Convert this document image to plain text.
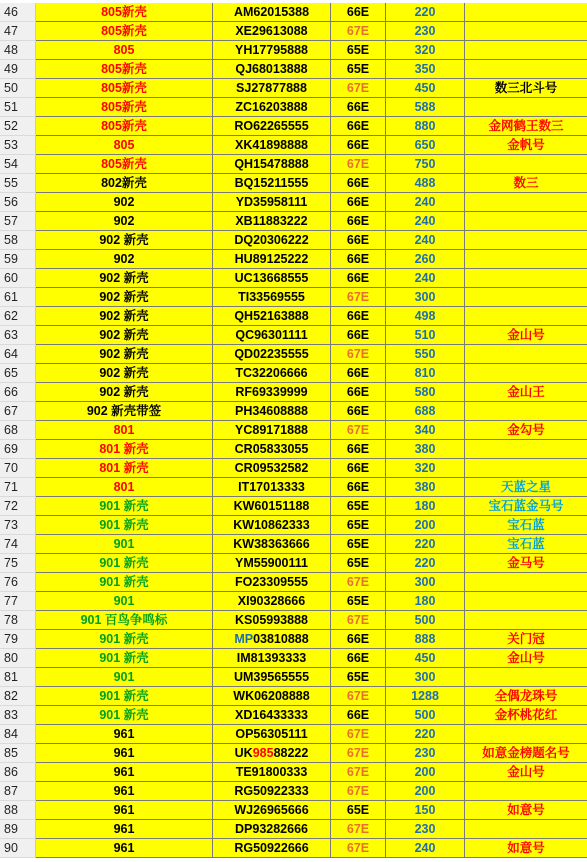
46	805新壳	AM62015388	66E	220
47	805新壳	XE29613088	67E	230
48	805	YH17795888	65E	320
49	805新壳	QJ68013888	65E	350
50	805新壳	SJ27877888	67E	450	数三北斗号
51	805新壳	ZC16203888	66E	588
52	805新壳	RO62265555	66E	880	金网鹤王数三
53	805	XK41898888	66E	650	金帆号
54	805新壳	QH15478888	67E	750
55	802新壳	BQ15211555	66E	488	数三
56	902	YD35958111	66E	240
57	902	XB11883222	66E	240
58	902 新壳	DQ20306222	66E	240
59	902	HU89125222	66E	260
60	902 新壳	UC13668555	66E	240
61	902 新壳	TI33569555	67E	300
62	902 新壳	QH52163888	66E	498
63	902 新壳	QC96301111	66E	510	金山号
64	902 新壳	QD02235555	67E	550
65	902 新壳	TC32206666	66E	810
66	902 新壳	RF69339999	66E	580	金山王
67	902 新壳带签	PH34608888	66E	688
68	801	YC89171888	67E	340	金勾号
69	801 新壳	CR05833055	66E	380
70	801 新壳	CR09532582	66E	320
71	801	IT17013333	66E	380	天蓝之星
72	901 新壳	KW60151188	65E	180	宝石蓝金马号
73	901 新壳	KW10862333	65E	200	宝石蓝
74	901	KW38363666	65E	220	宝石蓝
75	901 新壳	YM55900111	65E	220	金马号
76	901 新壳	FO23309555	67E	300
77	901	XI90328666	65E	180
78	901 百鸟争鸣标	KS05993888	67E	500
79	901 新壳	MP03810888	66E	888	关门冠
80	901 新壳	IM81393333	66E	450	金山号
81	901	UM39565555	65E	300
82	901 新壳	WK06208888	67E	1288	全偶龙珠号
83	901 新壳	XD16433333	66E	500	金杯桃花红
84	961	OP56305111	67E	220
85	961	UK98588222	67E	230	如意金榜题名号
86	961	TE91800333	67E	200	金山号
87	961	RG50922333	67E	200
88	961	WJ26965666	65E	150	如意号
89	961	DP93282666	67E	230
90	961	RG50922666	67E	240	如意号
